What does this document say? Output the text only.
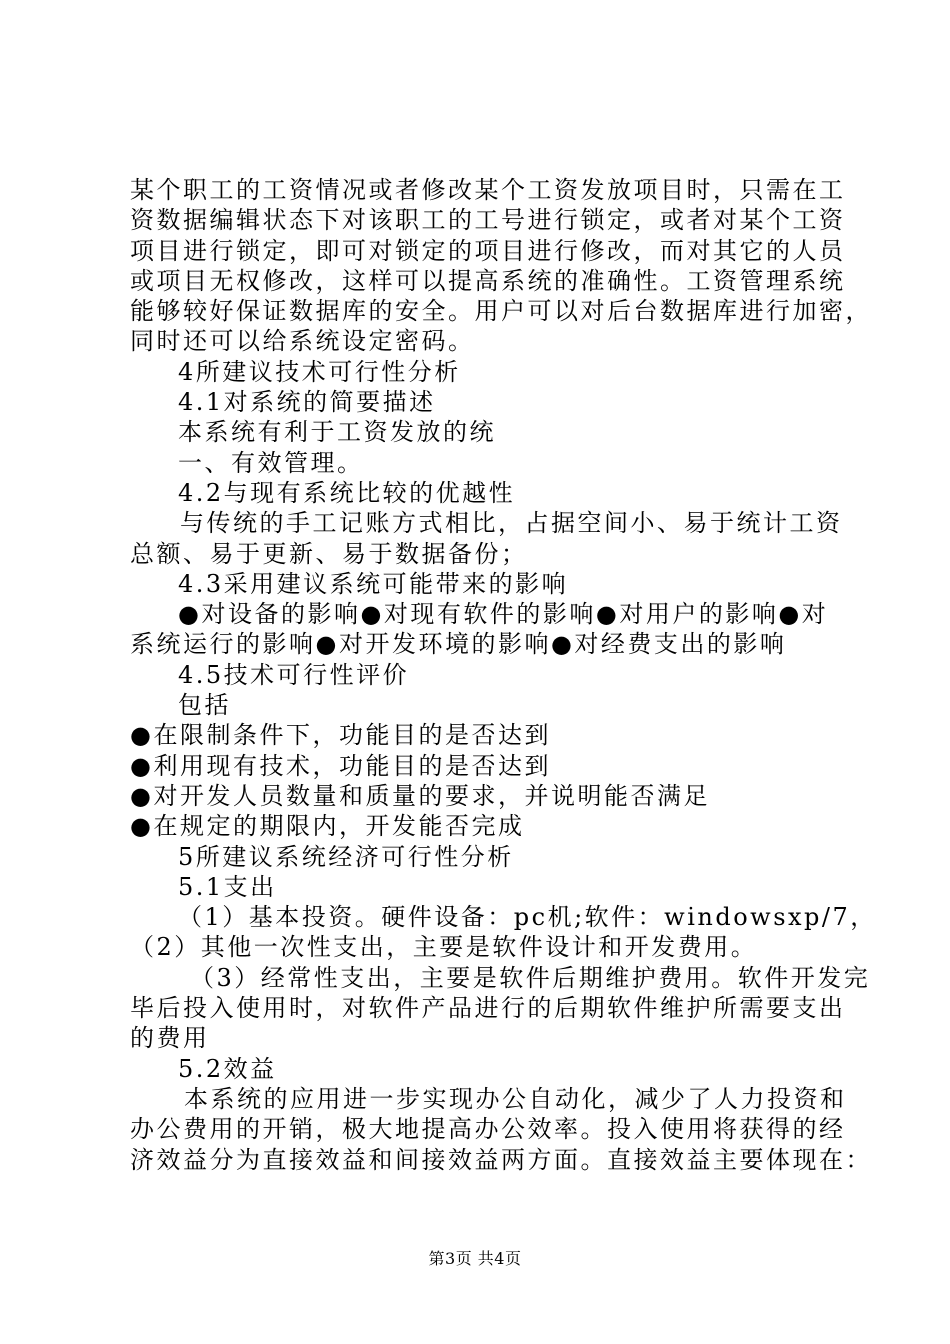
某个职工的工资情况或者修改某个工资发放项目时，只需在工
资数据编辑状态下对该职工的工号进行锁定，或者对某个工资
项目进行锁定，即可对锁定的项目进行修改，而对其它的人员
或项目无权修改，这样可以提高系统的准确性。工资管理系统
能够较好保证数据库的安全。用户可以对后台数据库进行加密，
同时还可以给系统设定密码。
4所建议技术可行性分析
4.1对系统的简要描述
本系统有利于工资发放的统
一、有效管理。
4.2与现有系统比较的优越性
与传统的手工记账方式相比，占据空间小、易于统计工资
总额、易于更新、易于数据备份；
4.3采用建议系统可能带来的影响
●对设备的影响●对现有软件的影响●对用户的影响●对
系统运行的影响●对开发环境的影响●对经费支出的影响
4.5技术可行性评价
包括
●在限制条件下，功能目的是否达到
●利用现有技术，功能目的是否达到
●对开发人员数量和质量的要求，并说明能否满足
●在规定的期限内，开发能否完成
5所建议系统经济可行性分析
5.1支出
（1）基本投资。硬件设备：pc机;软件：windowsxp/7，
（2）其他一次性支出，主要是软件设计和开发费用。
（3）经常性支出，主要是软件后期维护费用。软件开发完
毕后投入使用时，对软件产品进行的后期软件维护所需要支出
的费用
5.2效益
本系统的应用进一步实现办公自动化，减少了人力投资和
办公费用的开销，极大地提高办公效率。投入使用将获得的经
济效益分为直接效益和间接效益两方面。直接效益主要体现在：
第3页 共4页
